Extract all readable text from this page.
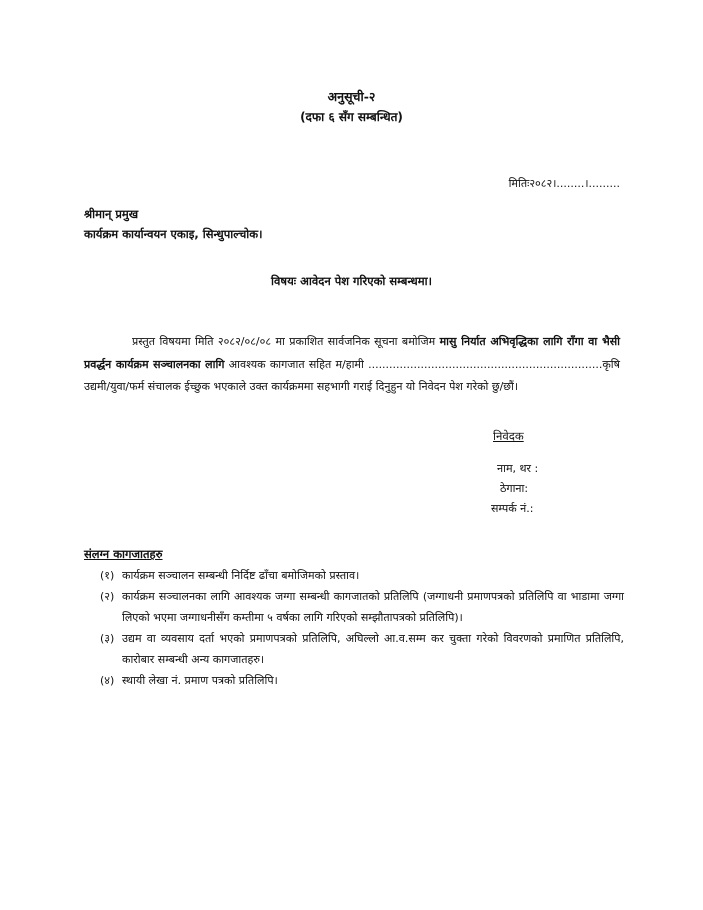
अनुसूची-२
(दफा ६ सँग सम्बन्धित)
मितिः२०८२।........।.........
श्रीमान् प्रमुख
कार्यक्रम कार्यान्वयन एकाइ, सिन्धुपाल्चोक।
विषयः आवेदन पेश गरिएको सम्बन्धमा।
प्रस्तुत विषयमा मिति २०८२/०८/०८ मा प्रकाशित सार्वजनिक सूचना बमोजिम मासु निर्यात अभिवृद्धिका लागि राँगा वा भैसी प्रवर्द्धन कार्यक्रम सञ्चालनका लागि आवश्यक कागजात सहित म/हामी ...................................................................कृषि उद्यमी/युवा/फर्म संचालक ईच्छुक भएकाले उक्त कार्यक्रममा सहभागी गराई दिनुहुन यो निवेदन पेश गरेको छु/छौं।
निवेदक
नाम, थर :
ठेगाना:
सम्पर्क नं.:
संलग्न कागजातहरु
(१) कार्यक्रम सञ्चालन सम्बन्धी निर्दिष्ट ढाँचा बमोजिमको प्रस्ताव।
(२) कार्यक्रम सञ्चालनका लागि आवश्यक जग्गा सम्बन्धी कागजातको प्रतिलिपि (जग्गाधनी प्रमाणपत्रको प्रतिलिपि वा भाडामा जग्गा लिएको भएमा जग्गाधनीसँग कम्तीमा ५ वर्षका लागि गरिएको सम्झौतापत्रको प्रतिलिपि)।
(३) उद्यम वा व्यवसाय दर्ता भएको प्रमाणपत्रको प्रतिलिपि, अघिल्लो आ.व.सम्म कर चुक्ता गरेको विवरणको प्रमाणित प्रतिलिपि, कारोबार सम्बन्धी अन्य कागजातहरु।
(४) स्थायी लेखा नं. प्रमाण पत्रको प्रतिलिपि।
